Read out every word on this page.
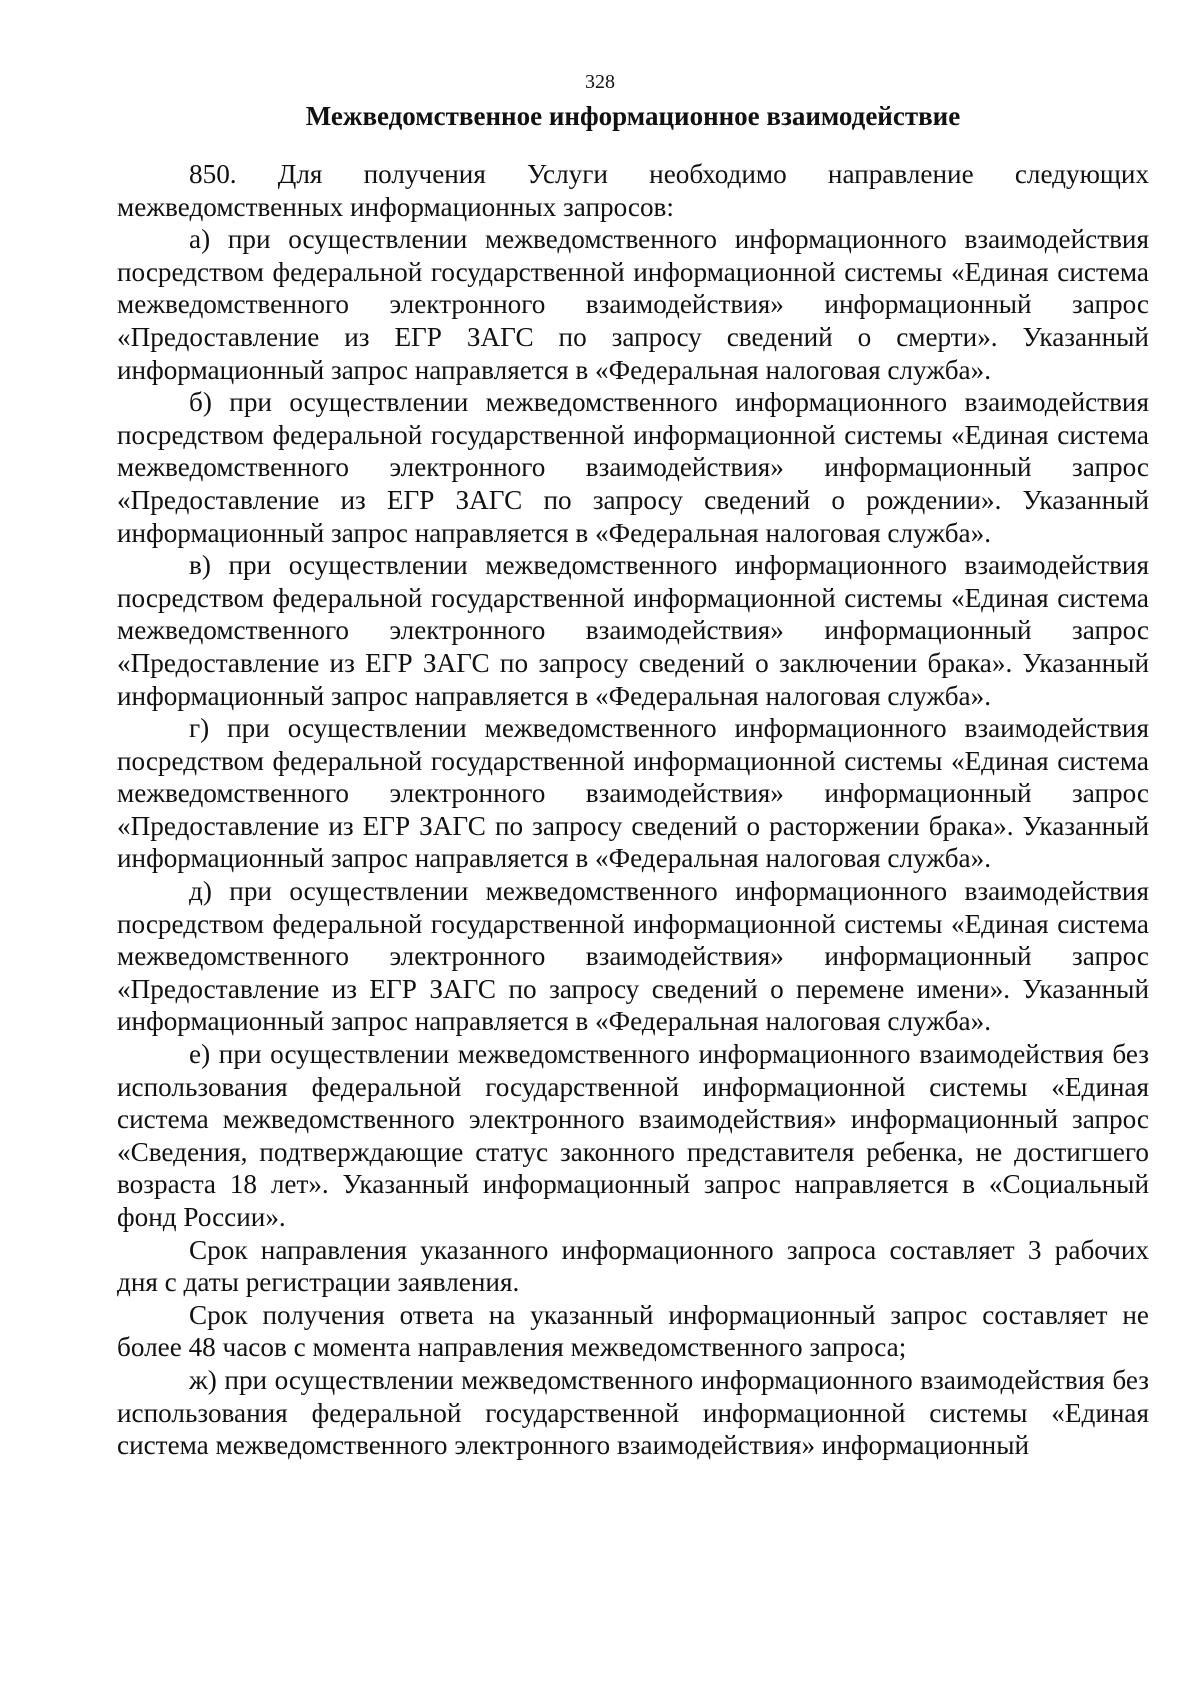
328
Межведомственное информационное взаимодействие

850. Для получения Услуги необходимо направление следующих межведомственных информационных запросов:

а) при осуществлении межведомственного информационного взаимодействия посредством федеральной государственной информационной системы «Единая система межведомственного электронного взаимодействия» информационный запрос «Предоставление из ЕГР ЗАГС по запросу сведений о смерти». Указанный информационный запрос направляется в «Федеральная налоговая служба».

б) при осуществлении межведомственного информационного взаимодействия посредством федеральной государственной информационной системы «Единая система межведомственного электронного взаимодействия» информационный запрос «Предоставление из ЕГР ЗАГС по запросу сведений о рождении». Указанный информационный запрос направляется в «Федеральная налоговая служба».

в) при осуществлении межведомственного информационного взаимодействия посредством федеральной государственной информационной системы «Единая система межведомственного электронного взаимодействия» информационный запрос «Предоставление из ЕГР ЗАГС по запросу сведений о заключении брака». Указанный информационный запрос направляется в «Федеральная налоговая служба».

г) при осуществлении межведомственного информационного взаимодействия посредством федеральной государственной информационной системы «Единая система межведомственного электронного взаимодействия» информационный запрос «Предоставление из ЕГР ЗАГС по запросу сведений о расторжении брака». Указанный информационный запрос направляется в «Федеральная налоговая служба».

д) при осуществлении межведомственного информационного взаимодействия посредством федеральной государственной информационной системы «Единая система межведомственного электронного взаимодействия» информационный запрос «Предоставление из ЕГР ЗАГС по запросу сведений о перемене имени». Указанный информационный запрос направляется в «Федеральная налоговая служба».

е) при осуществлении межведомственного информационного взаимодействия без использования федеральной государственной информационной системы «Единая система межведомственного электронного взаимодействия» информационный запрос «Сведения, подтверждающие статус законного представителя ребенка, не достигшего возраста 18 лет». Указанный информационный запрос направляется в «Социальный фонд России».

Срок направления указанного информационного запроса составляет 3 рабочих дня с даты регистрации заявления.

Срок получения ответа на указанный информационный запрос составляет не более 48 часов с момента направления межведомственного запроса;

ж) при осуществлении межведомственного информационного взаимодействия без использования федеральной государственной информационной системы «Единая система межведомственного электронного взаимодействия» информационный
